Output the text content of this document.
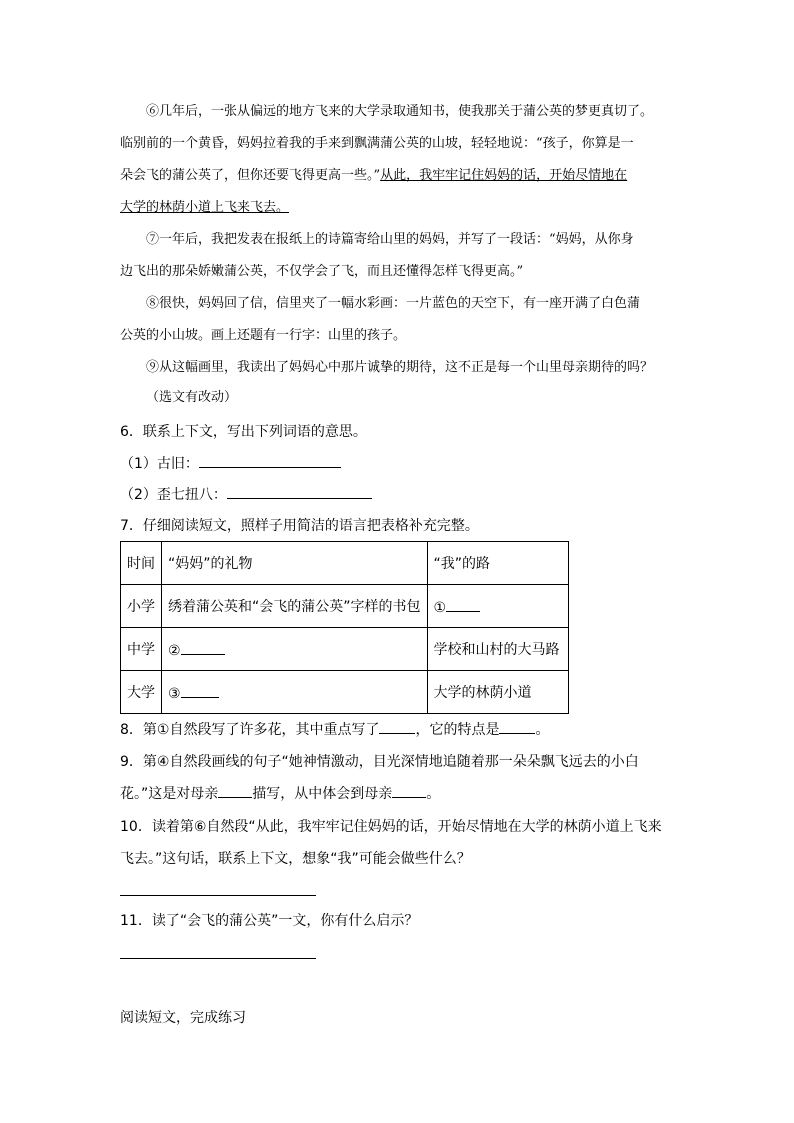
⑥几年后，一张从偏远的地方飞来的大学录取通知书，使我那关于蒲公英的梦更真切了。
临别前的一个黄昏，妈妈拉着我的手来到飘满蒲公英的山坡，轻轻地说：“孩子，你算是一
朵会飞的蒲公英了，但你还要飞得更高一些。”从此，我牢牢记住妈妈的话，开始尽情地在
大学的林荫小道上飞来飞去。
⑦一年后，我把发表在报纸上的诗篇寄给山里的妈妈，并写了一段话：“妈妈，从你身
边飞出的那朵娇嫩蒲公英，不仅学会了飞，而且还懂得怎样飞得更高。”
⑧很快，妈妈回了信，信里夹了一幅水彩画：一片蓝色的天空下，有一座开满了白色蒲
公英的小山坡。画上还题有一行字：山里的孩子。
⑨从这幅画里，我读出了妈妈心中那片诚挚的期待，这不正是每一个山里母亲期待的吗？
（选文有改动）
6．联系上下文，写出下列词语的意思。
（1）古旧：
（2）歪七扭八：
7．仔细阅读短文，照样子用简洁的语言把表格补充完整。
时间	“妈妈”的礼物	“我”的路
小学	绣着蒲公英和“会飞的蒲公英”字样的书包	①
中学	②	学校和山村的大马路
大学	③	大学的林荫小道
8．第①自然段写了许多花，其中重点写了	，它的特点是	。
9．第④自然段画线的句子“她神情激动，目光深情地追随着那一朵朵飘飞远去的小白
花。”这是对母亲 描写，从中体会到母亲 。
10．读着第⑥自然段“从此，我牢牢记住妈妈的话，开始尽情地在大学的林荫小道上飞来
飞去。”这句话，联系上下文，想象“我”可能会做些什么？
11．读了“会飞的蒲公英”一文，你有什么启示？
阅读短文，完成练习
